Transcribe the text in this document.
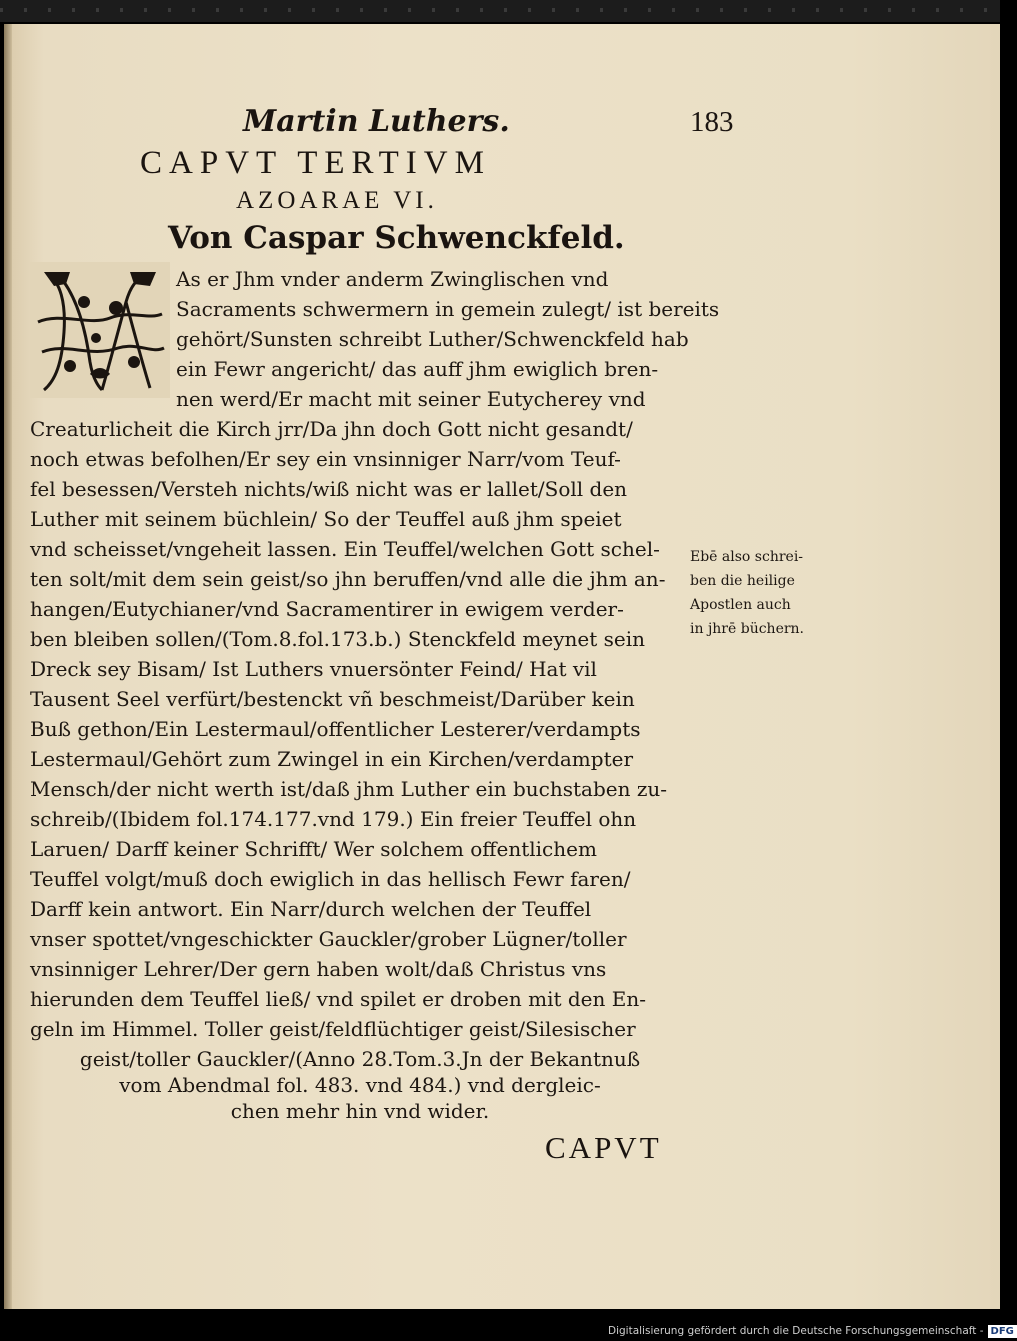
Martin Luthers.	183
CAPVT TERTIVM
AZOARAE VI.
Von Caspar Schwenckfeld.
As er Jhm vnder anderm Zwinglischen vnd
Sacraments schwermern in gemein zulegt/ ist bereits
gehört/Sunsten schreibt Luther/Schwenckfeld hab
ein Fewr angericht/ das auff jhm ewiglich bren-
nen werd/Er macht mit seiner Eutycherey vnd
Creaturlicheit die Kirch jrr/Da jhn doch Gott nicht gesandt/
noch etwas befolhen/Er sey ein vnsinniger Narr/vom Teuf-
fel besessen/Versteh nichts/wiß nicht was er lallet/Soll den
Luther mit seinem büchlein/ So der Teuffel auß jhm speiet
vnd scheisset/vngeheit lassen. Ein Teuffel/welchen Gott schel-
ten solt/mit dem sein geist/so jhn beruffen/vnd alle die jhm an-
hangen/Eutychianer/vnd Sacramentirer in ewigem verder-
ben bleiben sollen/(Tom.8.fol.173.b.) Stenckfeld meynet sein
Dreck sey Bisam/ Ist Luthers vnuersönter Feind/ Hat vil
Tausent Seel verfürt/bestenckt vñ beschmeist/Darüber kein
Buß gethon/Ein Lestermaul/offentlicher Lesterer/verdampts
Lestermaul/Gehört zum Zwingel in ein Kirchen/verdampter
Mensch/der nicht werth ist/daß jhm Luther ein buchstaben zu-
schreib/(Ibidem fol.174.177.vnd 179.) Ein freier Teuffel ohn
Laruen/ Darff keiner Schrifft/ Wer solchem offentlichem
Teuffel volgt/muß doch ewiglich in das hellisch Fewr faren/
Darff kein antwort. Ein Narr/durch welchen der Teuffel
vnser spottet/vngeschickter Gauckler/grober Lügner/toller
vnsinniger Lehrer/Der gern haben wolt/daß Christus vns
hierunden dem Teuffel ließ/ vnd spilet er droben mit den En-
geln im Himmel. Toller geist/feldflüchtiger geist/Silesischer
geist/toller Gauckler/(Anno 28.Tom.3.Jn der Bekantnuß
vom Abendmal fol. 483. vnd 484.) vnd dergleic-
chen mehr hin vnd wider.
Ebē also schrei-
ben die heilige
Apostlen auch
in jhrē büchern.
CAPVT
Digitalisierung gefördert durch die Deutsche Forschungsgemeinschaft - DFG
